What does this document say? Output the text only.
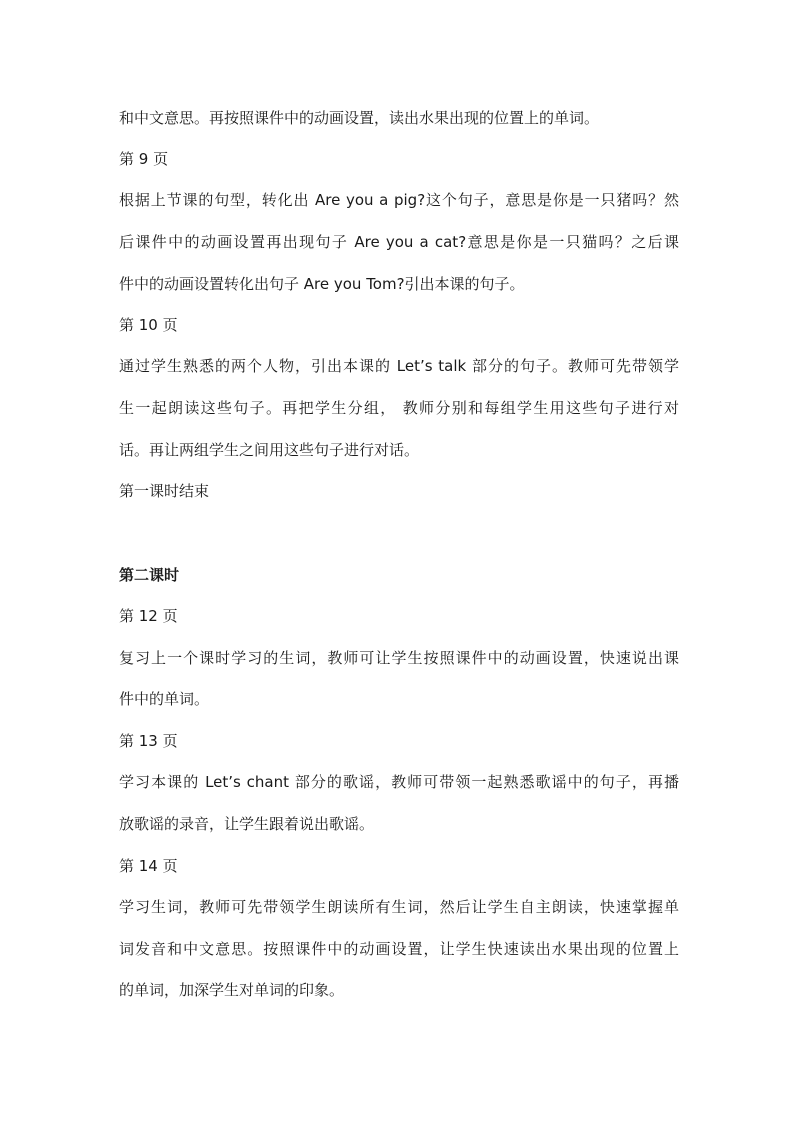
和中文意思。再按照课件中的动画设置，读出水果出现的位置上的单词。
第 9 页
根据上节课的句型，转化出 Are you a pig?这个句子，意思是你是一只猪吗？然
后课件中的动画设置再出现句子 Are you a cat?意思是你是一只猫吗？之后课
件中的动画设置转化出句子 Are you Tom?引出本课的句子。
第 10 页
通过学生熟悉的两个人物，引出本课的 Let’s talk 部分的句子。教师可先带领学
生一起朗读这些句子。再把学生分组， 教师分别和每组学生用这些句子进行对
话。再让两组学生之间用这些句子进行对话。
第一课时结束
第二课时
第 12 页
复习上一个课时学习的生词，教师可让学生按照课件中的动画设置，快速说出课
件中的单词。
第 13 页
学习本课的 Let’s chant 部分的歌谣，教师可带领一起熟悉歌谣中的句子，再播
放歌谣的录音，让学生跟着说出歌谣。
第 14 页
学习生词，教师可先带领学生朗读所有生词，然后让学生自主朗读，快速掌握单
词发音和中文意思。按照课件中的动画设置，让学生快速读出水果出现的位置上
的单词，加深学生对单词的印象。
